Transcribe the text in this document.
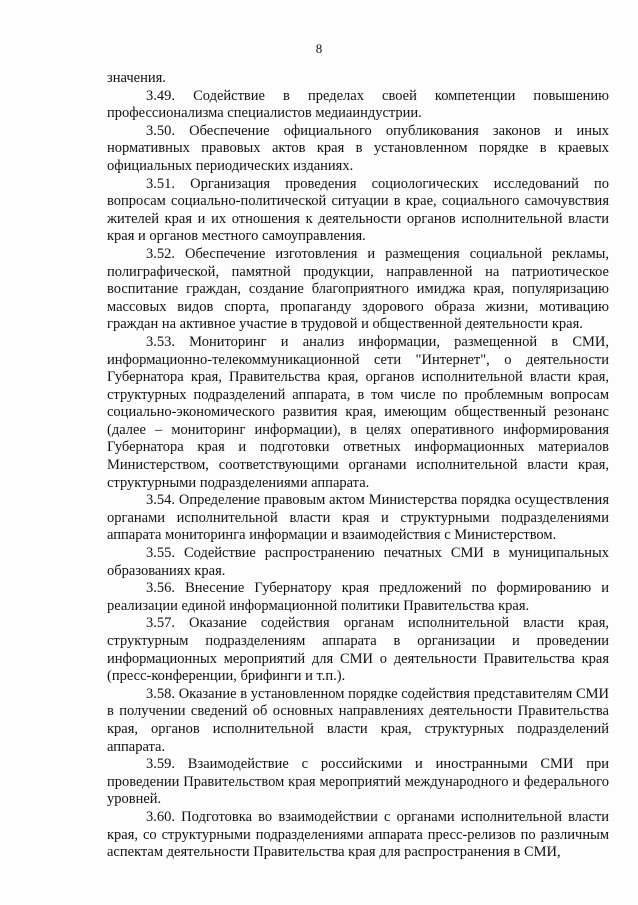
8

значения.

3.49. Содействие в пределах своей компетенции повышению профессионализма специалистов медиаиндустрии.

3.50. Обеспечение официального опубликования законов и иных нормативных правовых актов края в установленном порядке в краевых официальных периодических изданиях.

3.51. Организация проведения социологических исследований по вопросам социально-политической ситуации в крае, социального самочувствия жителей края и их отношения к деятельности органов исполнительной власти края и органов местного самоуправления.

3.52. Обеспечение изготовления и размещения социальной рекламы, полиграфической, памятной продукции, направленной на патриотическое воспитание граждан, создание благоприятного имиджа края, популяризацию массовых видов спорта, пропаганду здорового образа жизни, мотивацию граждан на активное участие в трудовой и общественной деятельности края.

3.53. Мониторинг и анализ информации, размещенной в СМИ, информационно-телекоммуникационной сети "Интернет", о деятельности Губернатора края, Правительства края, органов исполнительной власти края, структурных подразделений аппарата, в том числе по проблемным вопросам социально-экономического развития края, имеющим общественный резонанс (далее – мониторинг информации), в целях оперативного информирования Губернатора края и подготовки ответных информационных материалов Министерством, соответствующими органами исполнительной власти края, структурными подразделениями аппарата.

3.54. Определение правовым актом Министерства порядка осуществления органами исполнительной власти края и структурными подразделениями аппарата мониторинга информации и взаимодействия с Министерством.

3.55. Содействие распространению печатных СМИ в муниципальных образованиях края.

3.56. Внесение Губернатору края предложений по формированию и реализации единой информационной политики Правительства края.

3.57. Оказание содействия органам исполнительной власти края, структурным подразделениям аппарата в организации и проведении информационных мероприятий для СМИ о деятельности Правительства края (пресс-конференции, брифинги и т.п.).

3.58. Оказание в установленном порядке содействия представителям СМИ в получении сведений об основных направлениях деятельности Правительства края, органов исполнительной власти края, структурных подразделений аппарата.

3.59. Взаимодействие с российскими и иностранными СМИ при проведении Правительством края мероприятий международного и федерального уровней.

3.60. Подготовка во взаимодействии с органами исполнительной власти края, со структурными подразделениями аппарата пресс-релизов по различным аспектам деятельности Правительства края для распространения в СМИ,
